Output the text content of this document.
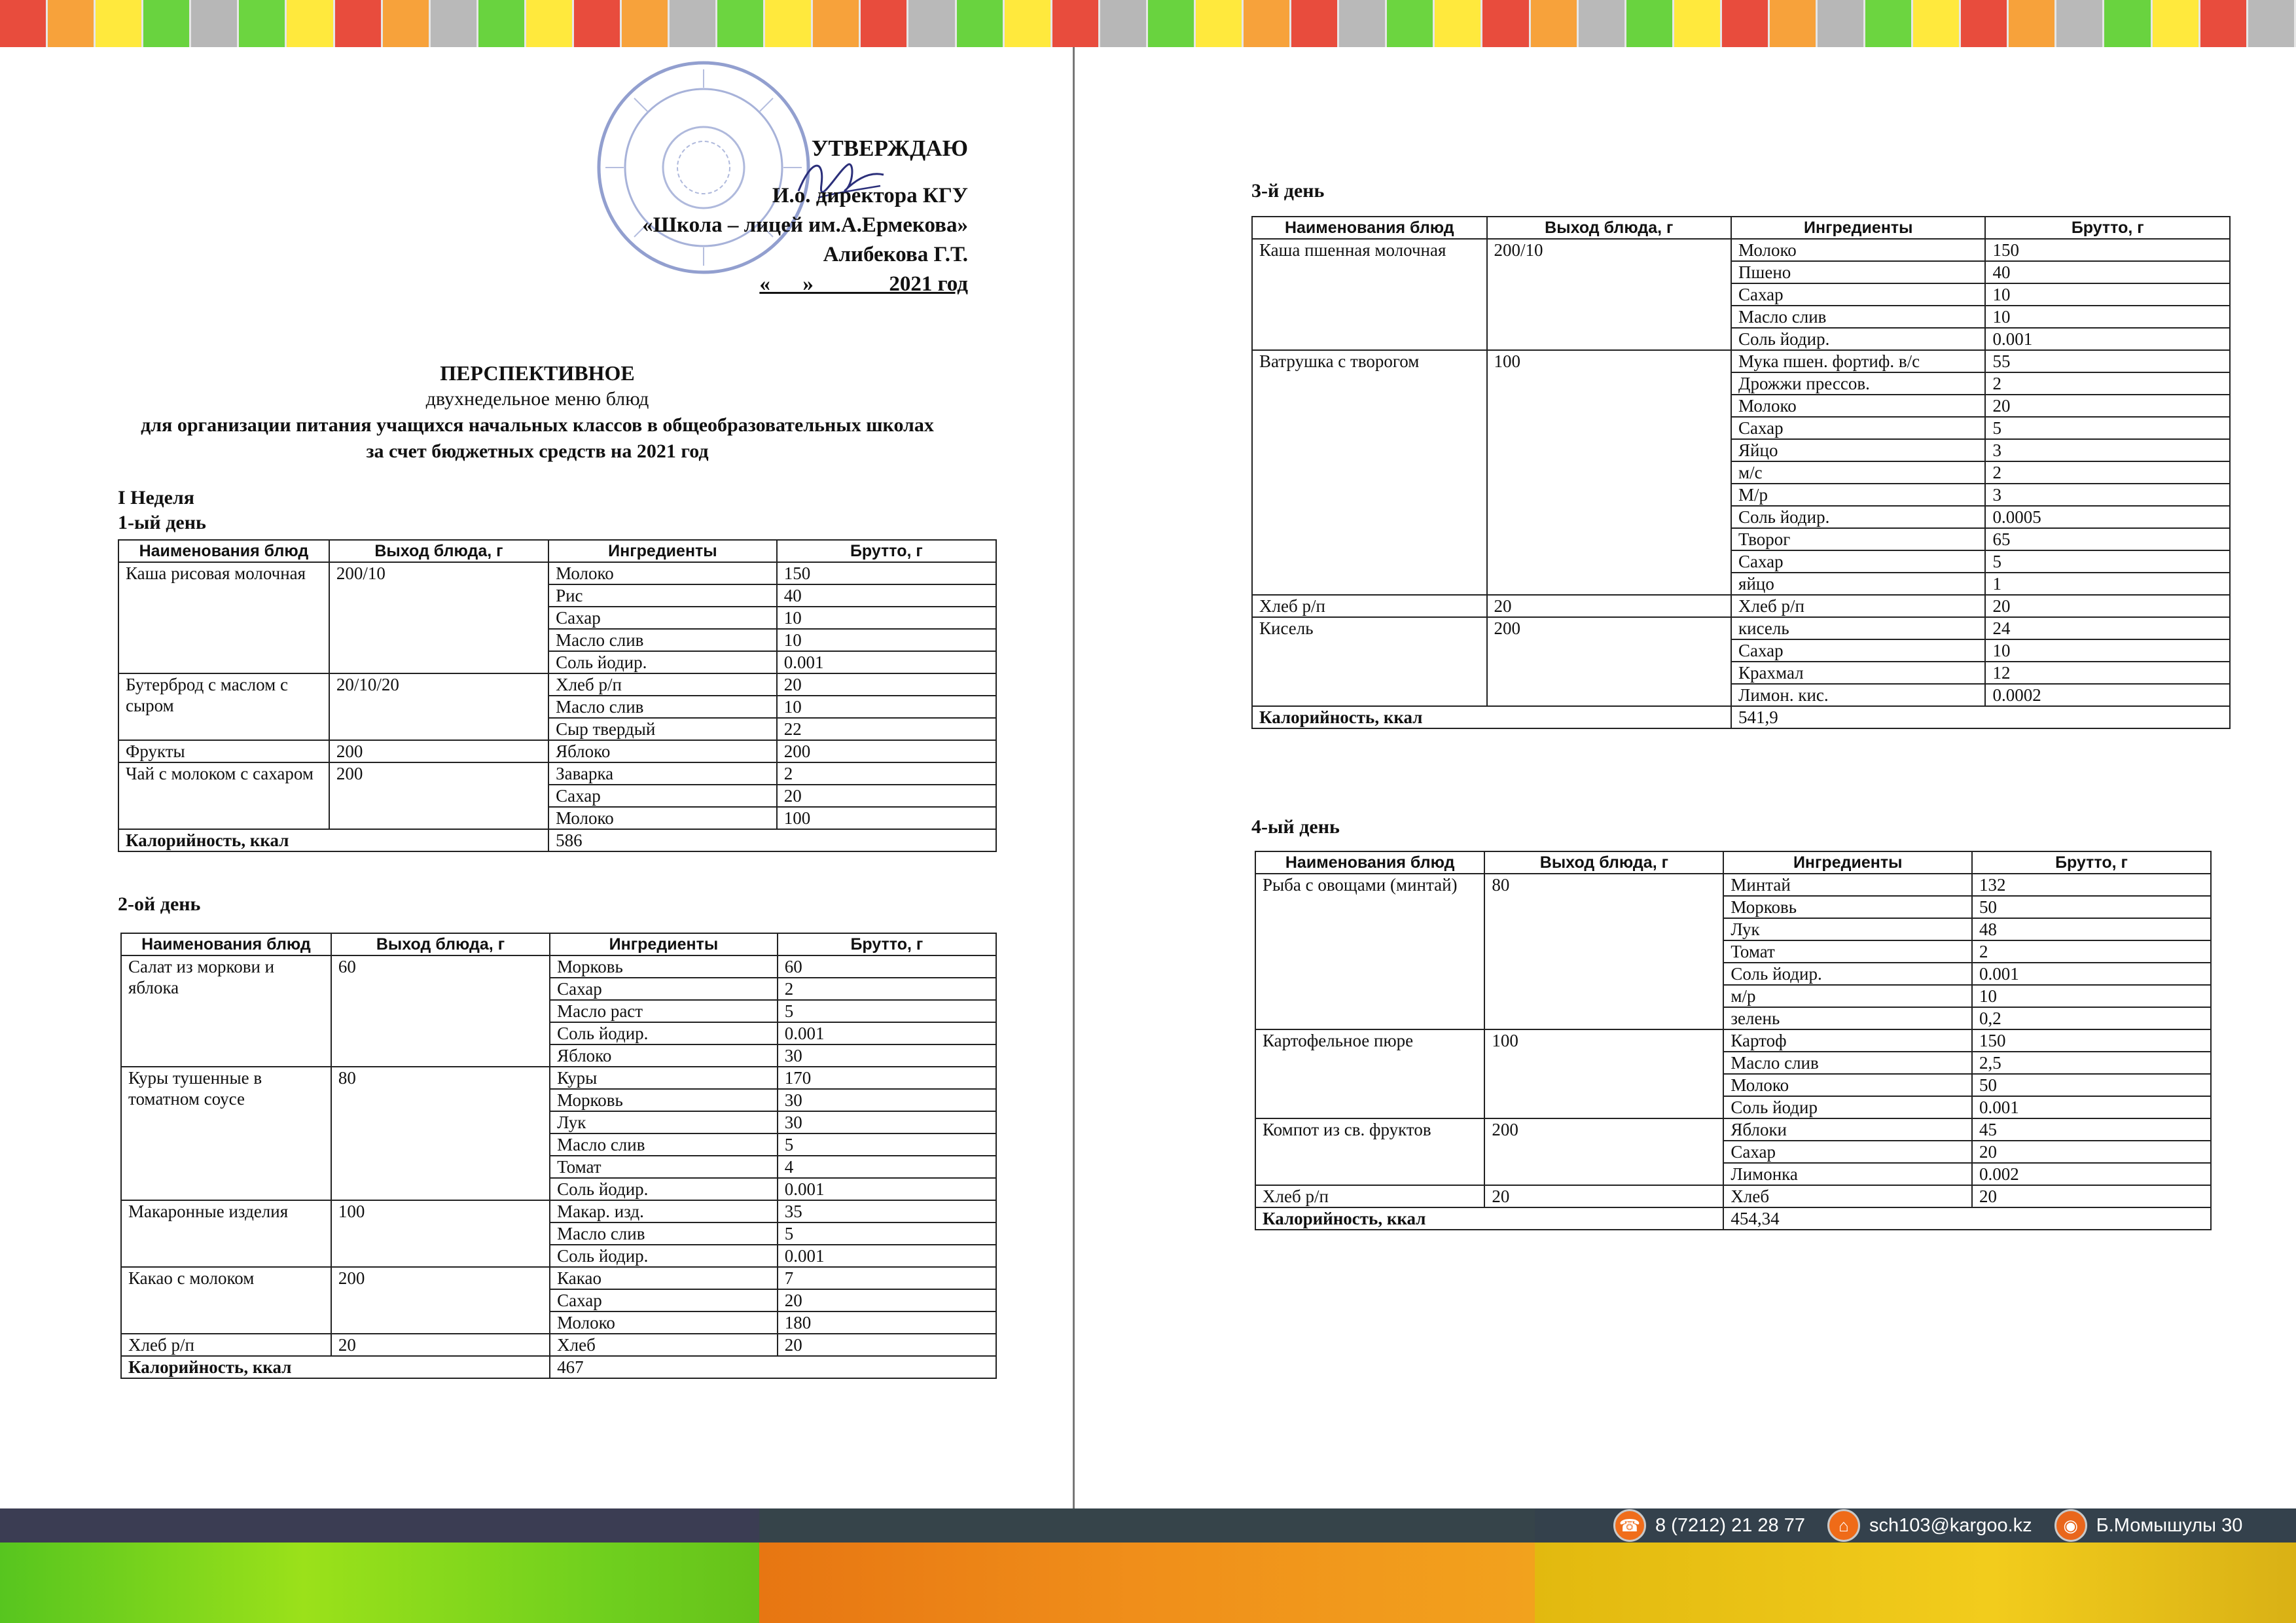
УТВЕРЖДАЮ
И.о. директора КГУ
«Школа – лицей им.А.Ермекова»
Алибекова Г.Т.
«      »              2021 год
ПЕРСПЕКТИВНОЕ
двухнедельное меню блюд
для организации питания учащихся начальных классов в общеобразовательных школах
за счет бюджетных средств на 2021 год
I Неделя
1-ый день
Наименования блюд	Выход блюда, г	Ингредиенты	Брутто, г
Каша рисовая молочная	200/10	Молоко	150
		Рис	40
		Сахар	10
		Масло слив	10
		Соль йодир.	0.001
Бутерброд с маслом с сыром	20/10/20	Хлеб р/п	20
		Масло слив	10
		Сыр твердый	22
Фрукты	200	Яблоко	200
Чай с молоком с сахаром	200	Заварка	2
		Сахар	20
		Молоко	100
Калорийность, ккал		586	
2-ой день
Наименования блюд	Выход блюда, г	Ингредиенты	Брутто, г
Салат из моркови и яблока	60	Морковь	60
		Сахар	2
		Масло раст	5
		Соль йодир.	0.001
		Яблоко	30
Куры тушенные в томатном соусе	80	Куры	170
		Морковь	30
		Лук	30
		Масло слив	5
		Томат	4
		Соль йодир.	0.001
Макаронные изделия	100	Макар. изд.	35
		Масло слив	5
		Соль йодир.	0.001
Какао с молоком	200	Какао	7
		Сахар	20
		Молоко	180
Хлеб р/п	20	Хлеб	20
Калорийность, ккал		467	
3-й день
Наименования блюд	Выход блюда, г	Ингредиенты	Брутто, г
Каша пшенная молочная	200/10	Молоко	150
		Пшено	40
		Сахар	10
		Масло слив	10
		Соль йодир.	0.001
Ватрушка с творогом	100	Мука пшен. фортиф. в/с	55
		Дрожжи прессов.	2
		Молоко	20
		Сахар	5
		Яйцо	3
		м/с	2
		М/р	3
		Соль йодир.	0.0005
		Творог	65
		Сахар	5
		яйцо	1
Хлеб р/п	20	Хлеб р/п	20
Кисель	200	кисель	24
		Сахар	10
		Крахмал	12
		Лимон. кис.	0.0002
Калорийность, ккал		541,9	
4-ый день
Наименования блюд	Выход блюда, г	Ингредиенты	Брутто, г
Рыба с овощами (минтай)	80	Минтай	132
		Морковь	50
		Лук	48
		Томат	2
		Соль йодир.	0.001
		м/р	10
		зелень	0,2
Картофельное пюре	100	Картоф	150
		Масло слив	2,5
		Молоко	50
		Соль йодир	0.001
Компот из св. фруктов	200	Яблоки	45
		Сахар	20
		Лимонка	0.002
Хлеб р/п	20	Хлеб	20
Калорийность, ккал		454,34	
☎ 8 (7212) 21 28 77	⌂	sch103@kargoo.kz	◉ Б.Момышулы 30
